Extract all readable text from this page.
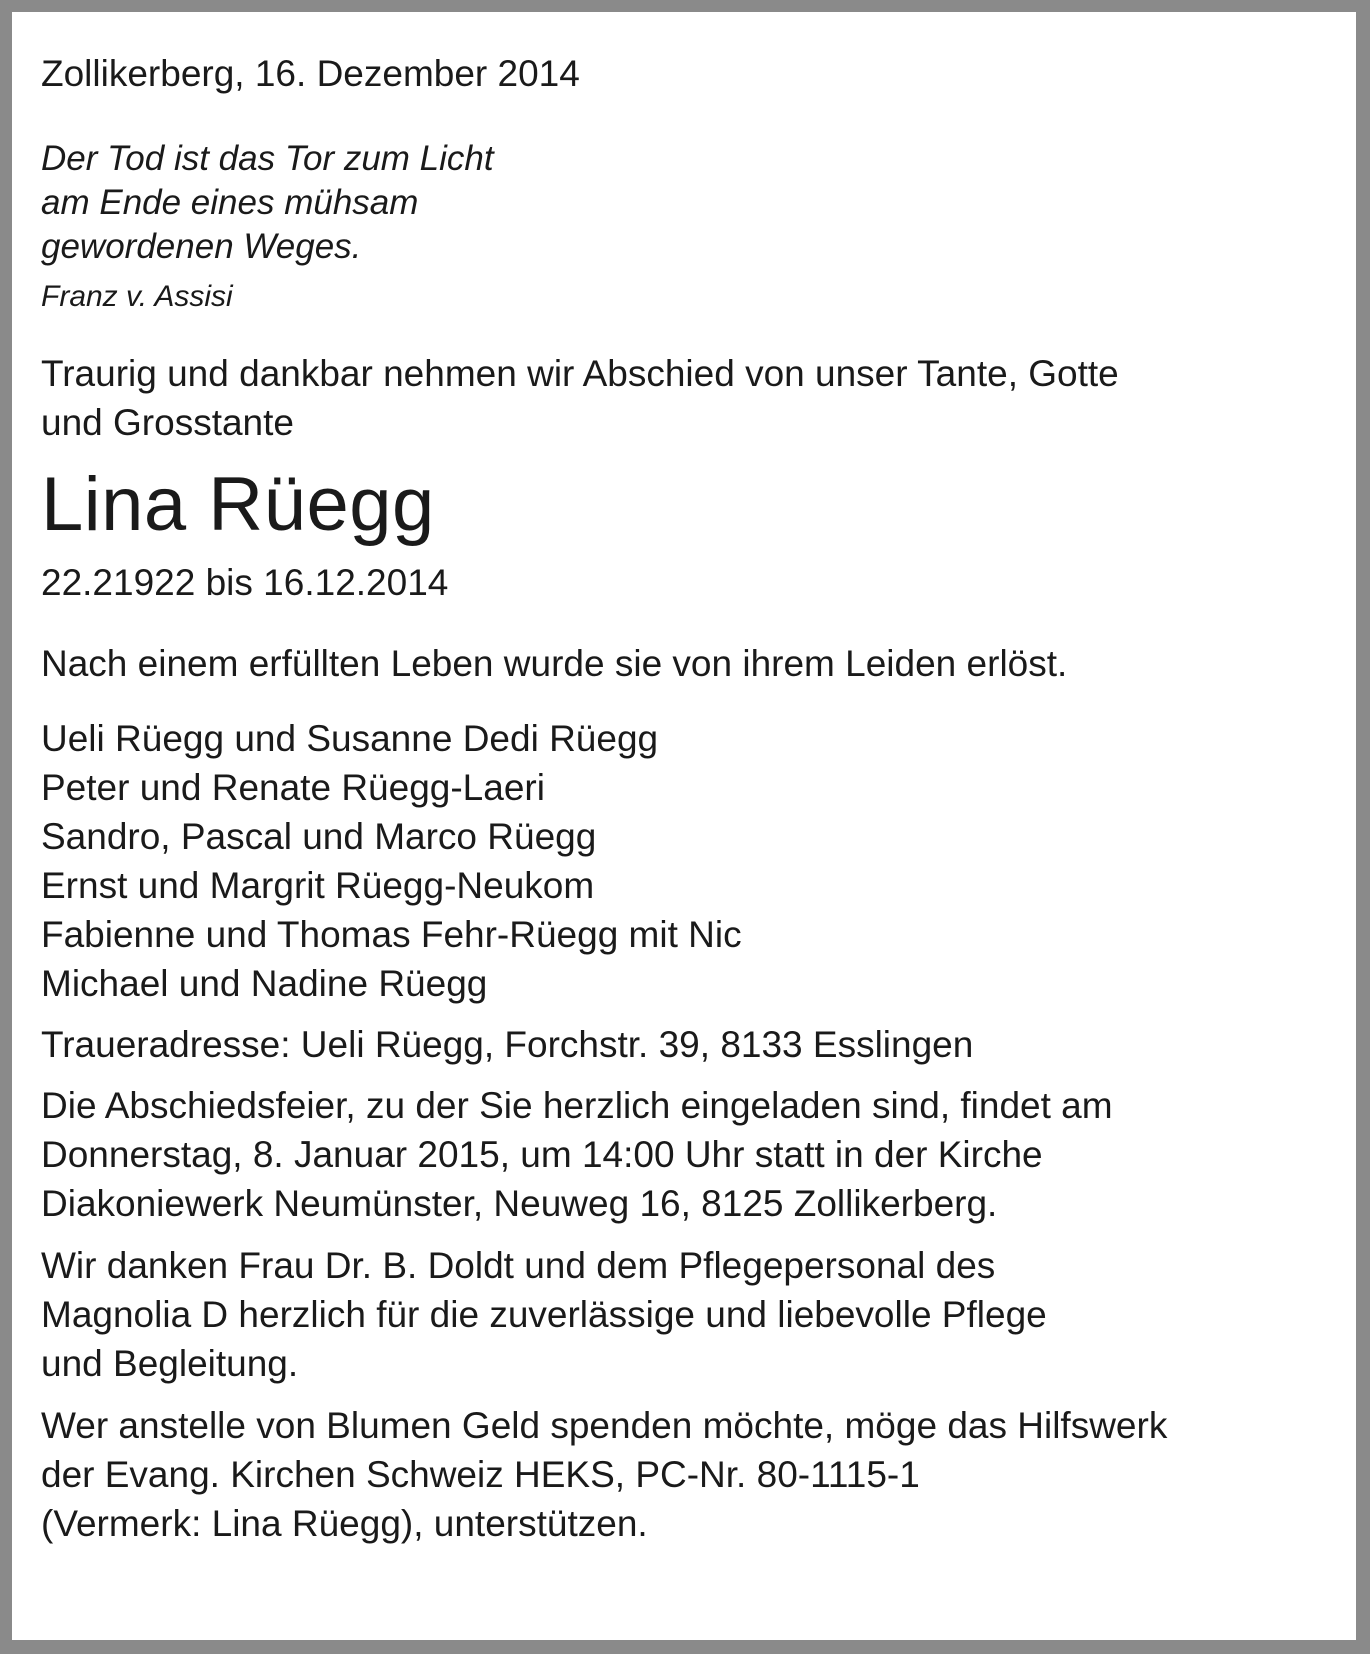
Zollikerberg, 16. Dezember 2014
Der Tod ist das Tor zum Licht
am Ende eines mühsam
gewordenen Weges.
Franz v. Assisi
Traurig und dankbar nehmen wir Abschied von unser Tante, Gotte
und Grosstante
Lina Rüegg
22.21922 bis 16.12.2014
Nach einem erfüllten Leben wurde sie von ihrem Leiden erlöst.
Ueli Rüegg und Susanne Dedi Rüegg
Peter und Renate Rüegg-Laeri
Sandro, Pascal und Marco Rüegg
Ernst und Margrit Rüegg-Neukom
Fabienne und Thomas Fehr-Rüegg mit Nic
Michael und Nadine Rüegg
Traueradresse: Ueli Rüegg, Forchstr. 39, 8133 Esslingen
Die Abschiedsfeier, zu der Sie herzlich eingeladen sind, findet am
Donnerstag, 8. Januar 2015, um 14:00 Uhr statt in der Kirche
Diakoniewerk Neumünster, Neuweg 16, 8125 Zollikerberg.
Wir danken Frau Dr. B. Doldt und dem Pflegepersonal des
Magnolia D herzlich für die zuverlässige und liebevolle Pflege
und Begleitung.
Wer anstelle von Blumen Geld spenden möchte, möge das Hilfswerk
der Evang. Kirchen Schweiz HEKS, PC-Nr. 80-1115-1
(Vermerk: Lina Rüegg), unterstützen.
